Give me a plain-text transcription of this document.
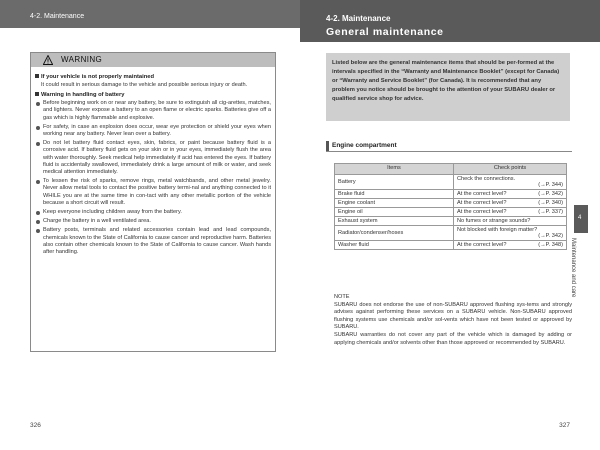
4-2. Maintenance
WARNING
If your vehicle is not properly maintained
It could result in serious damage to the vehicle and possible serious injury or death.
Warning in handling of battery
Before beginning work on or near any battery, be sure to extinguish all cig-arettes, matches, and lighters. Never expose a battery to an open flame or electric sparks. Batteries give off a gas which is highly flammable and explosive.
For safety, in case an explosion does occur, wear eye protection or shield your eyes when working near any battery. Never lean over a battery.
Do not let battery fluid contact eyes, skin, fabrics, or paint because battery fluid is a corrosive acid. If battery fluid gets on your skin or in your eyes, immediately flush the area with water thoroughly. Seek medical help immediately if acid has entered the eyes. If battery fluid is accidentally swallowed, immediately drink a large amount of milk or water, and seek medical attention immediately.
To lessen the risk of sparks, remove rings, metal watchbands, and other metal jewelry. Never allow metal tools to contact the positive battery termi-nal and anything connected to it WHILE you are at the same time in con-tact with any other metallic portion of the vehicle because a short circuit will result.
Keep everyone including children away from the battery.
Charge the battery in a well ventilated area.
Battery posts, terminals and related accessories contain lead and lead compounds, chemicals known to the State of California to cause cancer and reproductive harm. Batteries also contain other chemicals known to the State of California to cause cancer. Wash hands after handling.
326
4-2. Maintenance
General maintenance
Listed below are the general maintenance items that should be per-formed at the intervals specified in the “Warranty and Maintenance Booklet” (except for Canada) or “Warranty and Service Booklet” (for Canada). It is recommended that any problem you notice should be brought to the attention of your SUBARU dealer or qualified service shop for advice.
Engine compartment
327
Items	Check points
Battery	Check the connections.
(→P. 344)

Brake fluid	At the correct level? (→P. 342)

Engine coolant	At the correct level? (→P. 340)

Engine oil	At the correct level? (→P. 337)

Exhaust system	No fumes or strange sounds?
Radiator/condenser/hoses	Not blocked with foreign matter?
(→P. 342)

Washer fluid	At the correct level? (→P. 348)
NOTE
SUBARU does not endorse the use of non-SUBARU approved flushing sys-tems and strongly advises against performing these services on a SUBARU vehicle. Non-SUBARU approved flushing systems use chemicals and/or sol-vents which have not been tested or approved by SUBARU.
SUBARU warranties do not cover any part of the vehicle which is damaged by adding or applying chemicals and/or solvents other than those approved or recommended by SUBARU.
4
Maintenance and care
